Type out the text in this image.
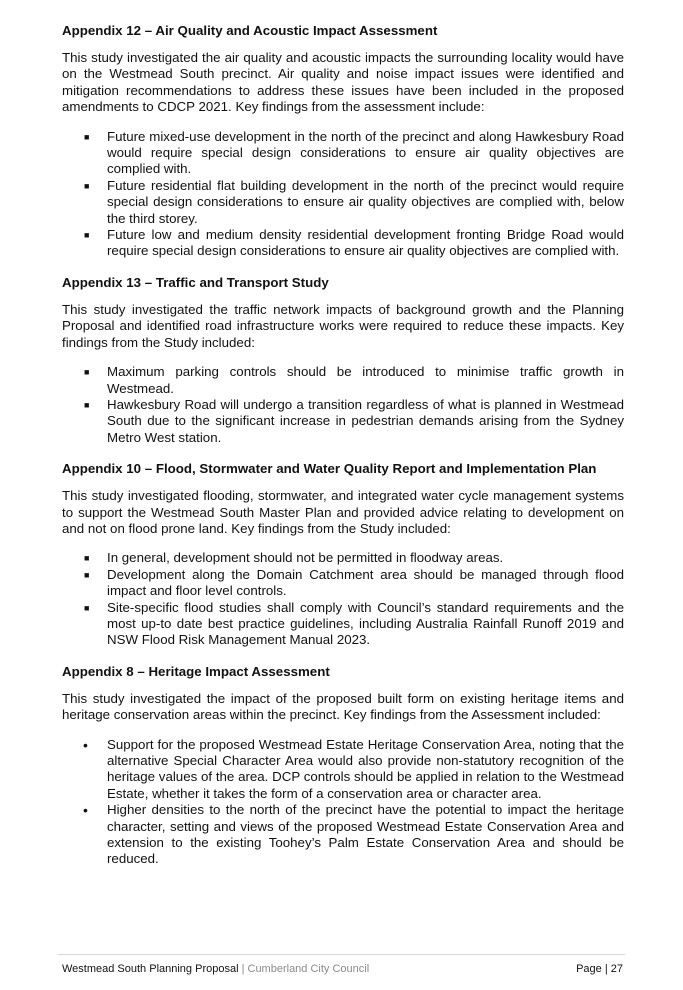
Appendix 12 – Air Quality and Acoustic Impact Assessment

This study investigated the air quality and acoustic impacts the surrounding locality would have on the Westmead South precinct. Air quality and noise impact issues were identified and mitigation recommendations to address these issues have been included in the proposed amendments to CDCP 2021. Key findings from the assessment include:

■ Future mixed-use development in the north of the precinct and along Hawkesbury Road would require special design considerations to ensure air quality objectives are complied with.
■ Future residential flat building development in the north of the precinct would require special design considerations to ensure air quality objectives are complied with, below the third storey.
■ Future low and medium density residential development fronting Bridge Road would require special design considerations to ensure air quality objectives are complied with.
Appendix 13 – Traffic and Transport Study

This study investigated the traffic network impacts of background growth and the Planning Proposal and identified road infrastructure works were required to reduce these impacts. Key findings from the Study included:

■ Maximum parking controls should be introduced to minimise traffic growth in Westmead.
■ Hawkesbury Road will undergo a transition regardless of what is planned in Westmead South due to the significant increase in pedestrian demands arising from the Sydney Metro West station.
Appendix 10 – Flood, Stormwater and Water Quality Report and Implementation Plan

This study investigated flooding, stormwater, and integrated water cycle management systems to support the Westmead South Master Plan and provided advice relating to development on and not on flood prone land. Key findings from the Study included:

■ In general, development should not be permitted in floodway areas.
■ Development along the Domain Catchment area should be managed through flood impact and floor level controls.
■ Site-specific flood studies shall comply with Council’s standard requirements and the most up-to date best practice guidelines, including Australia Rainfall Runoff 2019 and NSW Flood Risk Management Manual 2023.
Appendix 8 – Heritage Impact Assessment

This study investigated the impact of the proposed built form on existing heritage items and heritage conservation areas within the precinct. Key findings from the Assessment included:

• Support for the proposed Westmead Estate Heritage Conservation Area, noting that the alternative Special Character Area would also provide non-statutory recognition of the heritage values of the area. DCP controls should be applied in relation to the Westmead Estate, whether it takes the form of a conservation area or character area.
• Higher densities to the north of the precinct have the potential to impact the heritage character, setting and views of the proposed Westmead Estate Conservation Area and extension to the existing Toohey’s Palm Estate Conservation Area and should be reduced.
Westmead South Planning Proposal | Cumberland City Council	Page | 27
